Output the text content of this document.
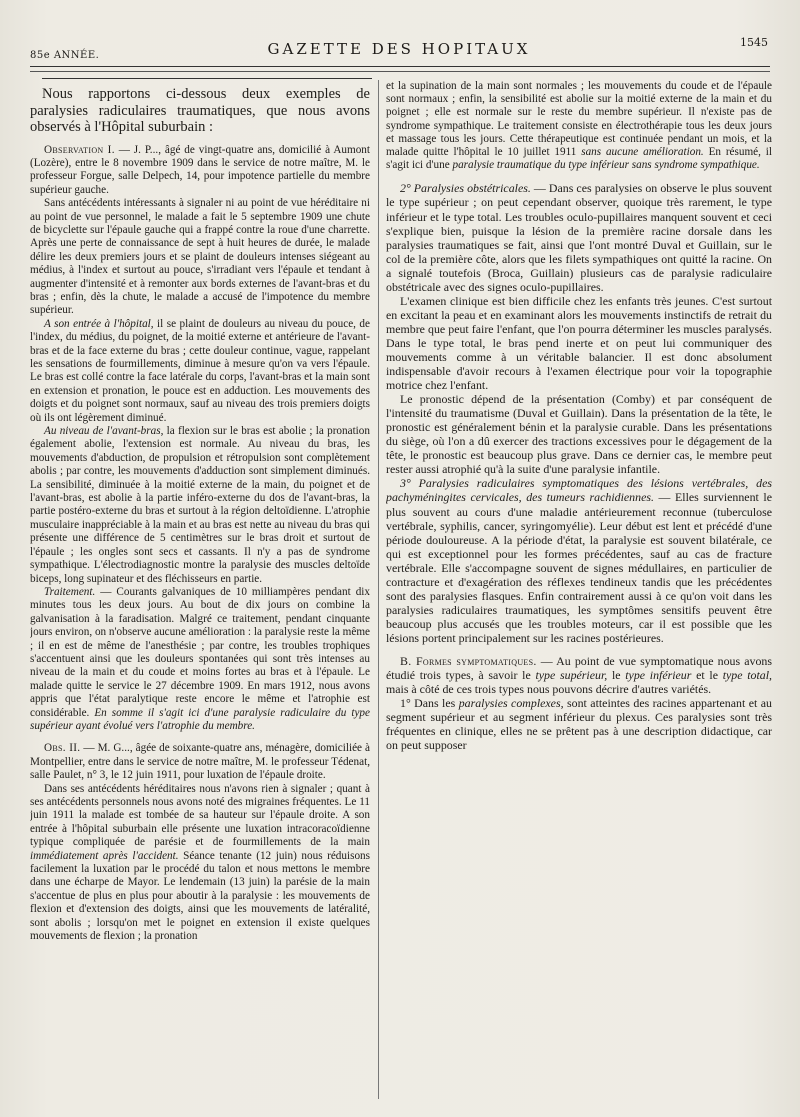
85e ANNÉE.	GAZETTE DES HOPITAUX	1545

Nous rapportons ci-dessous deux exemples de paralysies radiculaires traumatiques, que nous avons observés à l'Hôpital suburbain :

Observation I. — J. P..., âgé de vingt-quatre ans, domicilié à Aumont (Lozère), entre le 8 novembre 1909 dans le service de notre maître, M. le professeur Forgue, salle Delpech, 14, pour impotence partielle du membre supérieur gauche.

Sans antécédents intéressants à signaler ni au point de vue héréditaire ni au point de vue personnel, le malade a fait le 5 septembre 1909 une chute de bicyclette sur l'épaule gauche qui a frappé contre la roue d'une charrette. Après une perte de connaissance de sept à huit heures de durée, le malade délire les deux premiers jours et se plaint de douleurs intenses siégeant au médius, à l'index et surtout au pouce, s'irradiant vers l'épaule et tendant à augmenter d'intensité et à remonter aux bords externes de l'avant-bras et du bras ; enfin, dès la chute, le malade a accusé de l'impotence du membre supérieur.

A son entrée à l'hôpital, il se plaint de douleurs au niveau du pouce, de l'index, du médius, du poignet, de la moitié externe et antérieure de l'avant-bras et de la face externe du bras ; cette douleur continue, vague, rappelant les sensations de fourmillements, diminue à mesure qu'on va vers l'épaule. Le bras est collé contre la face latérale du corps, l'avant-bras et la main sont en extension et pronation, le pouce est en adduction. Les mouvements des doigts et du poignet sont normaux, sauf au niveau des trois premiers doigts où ils ont légèrement diminué.

Au niveau de l'avant-bras, la flexion sur le bras est abolie ; la pronation également abolie, l'extension est normale. Au niveau du bras, les mouvements d'abduction, de propulsion et rétropulsion sont complètement abolis ; par contre, les mouvements d'adduction sont simplement diminués. La sensibilité, diminuée à la moitié externe de la main, du poignet et de l'avant-bras, est abolie à la partie inféro-externe du dos de l'avant-bras, la partie postéro-externe du bras et surtout à la région deltoïdienne. L'atrophie musculaire inappréciable à la main et au bras est nette au niveau du bras qui présente une différence de 5 centimètres sur le bras droit et surtout de l'épaule ; les ongles sont secs et cassants. Il n'y a pas de syndrome sympathique. L'électrodiagnostic montre la paralysie des muscles deltoïde biceps, long supinateur et des fléchisseurs en partie.

Traitement. — Courants galvaniques de 10 milliampères pendant dix minutes tous les deux jours. Au bout de dix jours on combine la galvanisation à la faradisation. Malgré ce traitement, pendant cinquante jours environ, on n'observe aucune amélioration : la paralysie reste la même ; il en est de même de l'anesthésie ; par contre, les troubles trophiques s'accentuent ainsi que les douleurs spontanées qui sont très intenses au niveau de la main et du coude et moins fortes au bras et à l'épaule. Le malade quitte le service le 27 décembre 1909. En mars 1912, nous avons appris que l'état paralytique reste encore le même et l'atrophie est considérable. En somme il s'agit ici d'une paralysie radiculaire du type supérieur ayant évolué vers l'atrophie du membre.

Obs. II. — M. G..., âgée de soixante-quatre ans, ménagère, domiciliée à Montpellier, entre dans le service de notre maître, M. le professeur Tédenat, salle Paulet, n° 3, le 12 juin 1911, pour luxation de l'épaule droite.

Dans ses antécédents héréditaires nous n'avons rien à signaler ; quant à ses antécédents personnels nous avons noté des migraines fréquentes. Le 11 juin 1911 la malade est tombée de sa hauteur sur l'épaule droite. A son entrée à l'hôpital suburbain elle présente une luxation intracoracoïdienne typique compliquée de parésie et de fourmillements de la main immédiatement après l'accident. Séance tenante (12 juin) nous réduisons facilement la luxation par le procédé du talon et nous mettons le membre dans une écharpe de Mayor. Le lendemain (13 juin) la parésie de la main s'accentue de plus en plus pour aboutir à la paralysie : les mouvements de flexion et d'extension des doigts, ainsi que les mouvements de latéralité, sont abolis ; lorsqu'on met le poignet en extension il existe quelques mouvements de flexion ; la pronation

et la supination de la main sont normales ; les mouvements du coude et de l'épaule sont normaux ; enfin, la sensibilité est abolie sur la moitié externe de la main et du poignet ; elle est normale sur le reste du membre supérieur. Il n'existe pas de syndrome sympathique. Le traitement consiste en électrothérapie tous les deux jours et massage tous les jours. Cette thérapeutique est continuée pendant un mois, et la malade quitte l'hôpital le 10 juillet 1911 sans aucune amélioration. En résumé, il s'agit ici d'une paralysie traumatique du type inférieur sans syndrome sympathique.

2° Paralysies obstétricales. — Dans ces paralysies on observe le plus souvent le type supérieur ; on peut cependant observer, quoique très rarement, le type inférieur et le type total. Les troubles oculo-pupillaires manquent souvent et ceci s'explique bien, puisque la lésion de la première racine dorsale dans les paralysies traumatiques se fait, ainsi que l'ont montré Duval et Guillain, sur le col de la première côte, alors que les filets sympathiques ont quitté la racine. On a signalé toutefois (Broca, Guillain) plusieurs cas de paralysie radiculaire obstétricale avec des signes oculo-pupillaires.

L'examen clinique est bien difficile chez les enfants très jeunes. C'est surtout en excitant la peau et en examinant alors les mouvements instinctifs de retrait du membre que peut faire l'enfant, que l'on pourra déterminer les muscles paralysés. Dans le type total, le bras pend inerte et on peut lui communiquer des mouvements comme à un véritable balancier. Il est donc absolument indispensable d'avoir recours à l'examen électrique pour voir la topographie motrice chez l'enfant.

Le pronostic dépend de la présentation (Comby) et par conséquent de l'intensité du traumatisme (Duval et Guillain). Dans la présentation de la tête, le pronostic est généralement bénin et la paralysie curable. Dans les présentations du siège, où l'on a dû exercer des tractions excessives pour le dégagement de la tête, le pronostic est beaucoup plus grave. Dans ce dernier cas, le membre peut rester aussi atrophié qu'à la suite d'une paralysie infantile.

3° Paralysies radiculaires symptomatiques des lésions vertébrales, des pachyméningites cervicales, des tumeurs rachidiennes. — Elles surviennent le plus souvent au cours d'une maladie antérieurement reconnue (tuberculose vertébrale, syphilis, cancer, syringomyélie). Leur début est lent et précédé d'une période douloureuse. A la période d'état, la paralysie est souvent bilatérale, ce qui est exceptionnel pour les formes précédentes, sauf au cas de fracture vertébrale. Elle s'accompagne souvent de signes médullaires, en particulier de contracture et d'exagération des réflexes tendineux tandis que les précédentes sont des paralysies flasques. Enfin contrairement aussi à ce qu'on voit dans les paralysies radiculaires traumatiques, les symptômes sensitifs peuvent être beaucoup plus accusés que les troubles moteurs, car il est possible que les lésions portent principalement sur les racines postérieures.

B. Formes symptomatiques. — Au point de vue symptomatique nous avons étudié trois types, à savoir le type supérieur, le type inférieur et le type total, mais à côté de ces trois types nous pouvons décrire d'autres variétés.

1° Dans les paralysies complexes, sont atteintes des racines appartenant et au segment supérieur et au segment inférieur du plexus. Ces paralysies sont très fréquentes en clinique, elles ne se prêtent pas à une description didactique, car on peut supposer
